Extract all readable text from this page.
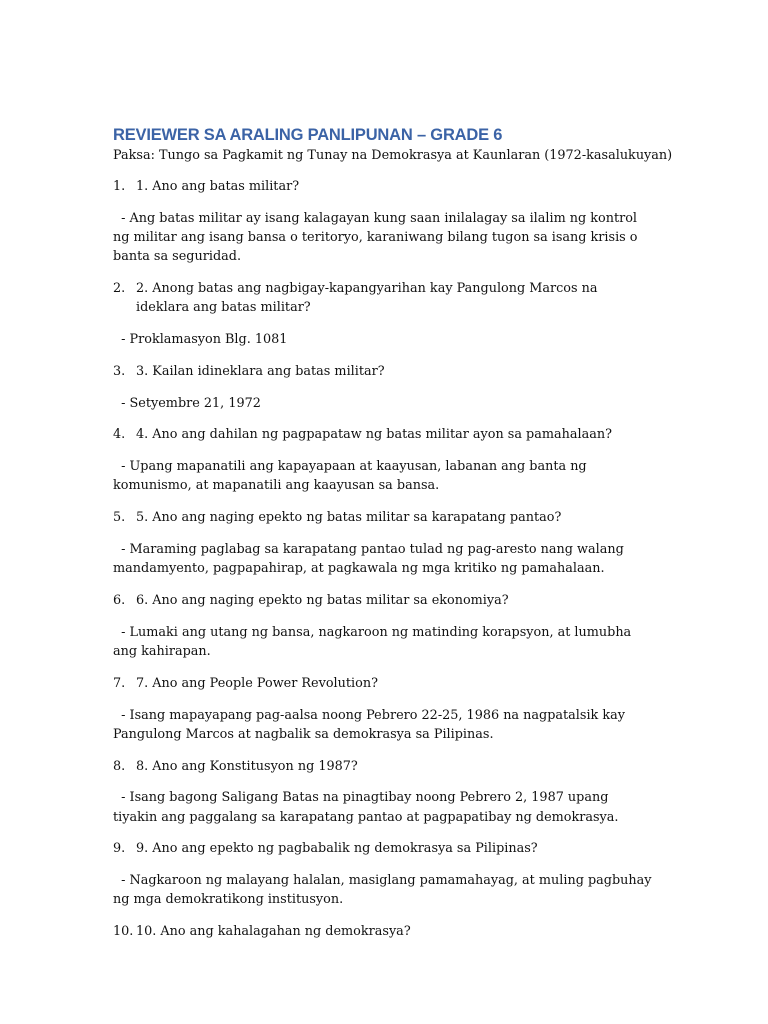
REVIEWER SA ARALING PANLIPUNAN – GRADE 6

Paksa: Tungo sa Pagkamit ng Tunay na Demokrasya at Kaunlaran (1972-kasalukuyan)

1. 1. Ano ang batas militar?
- Ang batas militar ay isang kalagayan kung saan inilalagay sa ilalim ng kontrol ng militar ang isang bansa o teritoryo, karaniwang bilang tugon sa isang krisis o banta sa seguridad.
2. 2. Anong batas ang nagbigay-kapangyarihan kay Pangulong Marcos na ideklara ang batas militar?
- Proklamasyon Blg. 1081
3. 3. Kailan idineklara ang batas militar?
- Setyembre 21, 1972
4. 4. Ano ang dahilan ng pagpapataw ng batas militar ayon sa pamahalaan?
- Upang mapanatili ang kapayapaan at kaayusan, labanan ang banta ng komunismo, at mapanatili ang kaayusan sa bansa.
5. 5. Ano ang naging epekto ng batas militar sa karapatang pantao?
- Maraming paglabag sa karapatang pantao tulad ng pag-aresto nang walang mandamyento, pagpapahirap, at pagkawala ng mga kritiko ng pamahalaan.
6. 6. Ano ang naging epekto ng batas militar sa ekonomiya?
- Lumaki ang utang ng bansa, nagkaroon ng matinding korapsyon, at lumubha ang kahirapan.
7. 7. Ano ang People Power Revolution?
- Isang mapayapang pag-aalsa noong Pebrero 22-25, 1986 na nagpatalsik kay Pangulong Marcos at nagbalik sa demokrasya sa Pilipinas.
8. 8. Ano ang Konstitusyon ng 1987?
- Isang bagong Saligang Batas na pinagtibay noong Pebrero 2, 1987 upang tiyakin ang paggalang sa karapatang pantao at pagpapatibay ng demokrasya.
9. 9. Ano ang epekto ng pagbabalik ng demokrasya sa Pilipinas?
- Nagkaroon ng malayang halalan, masiglang pamamahayag, at muling pagbuhay ng mga demokratikong institusyon.
10. 10. Ano ang kahalagahan ng demokrasya?
